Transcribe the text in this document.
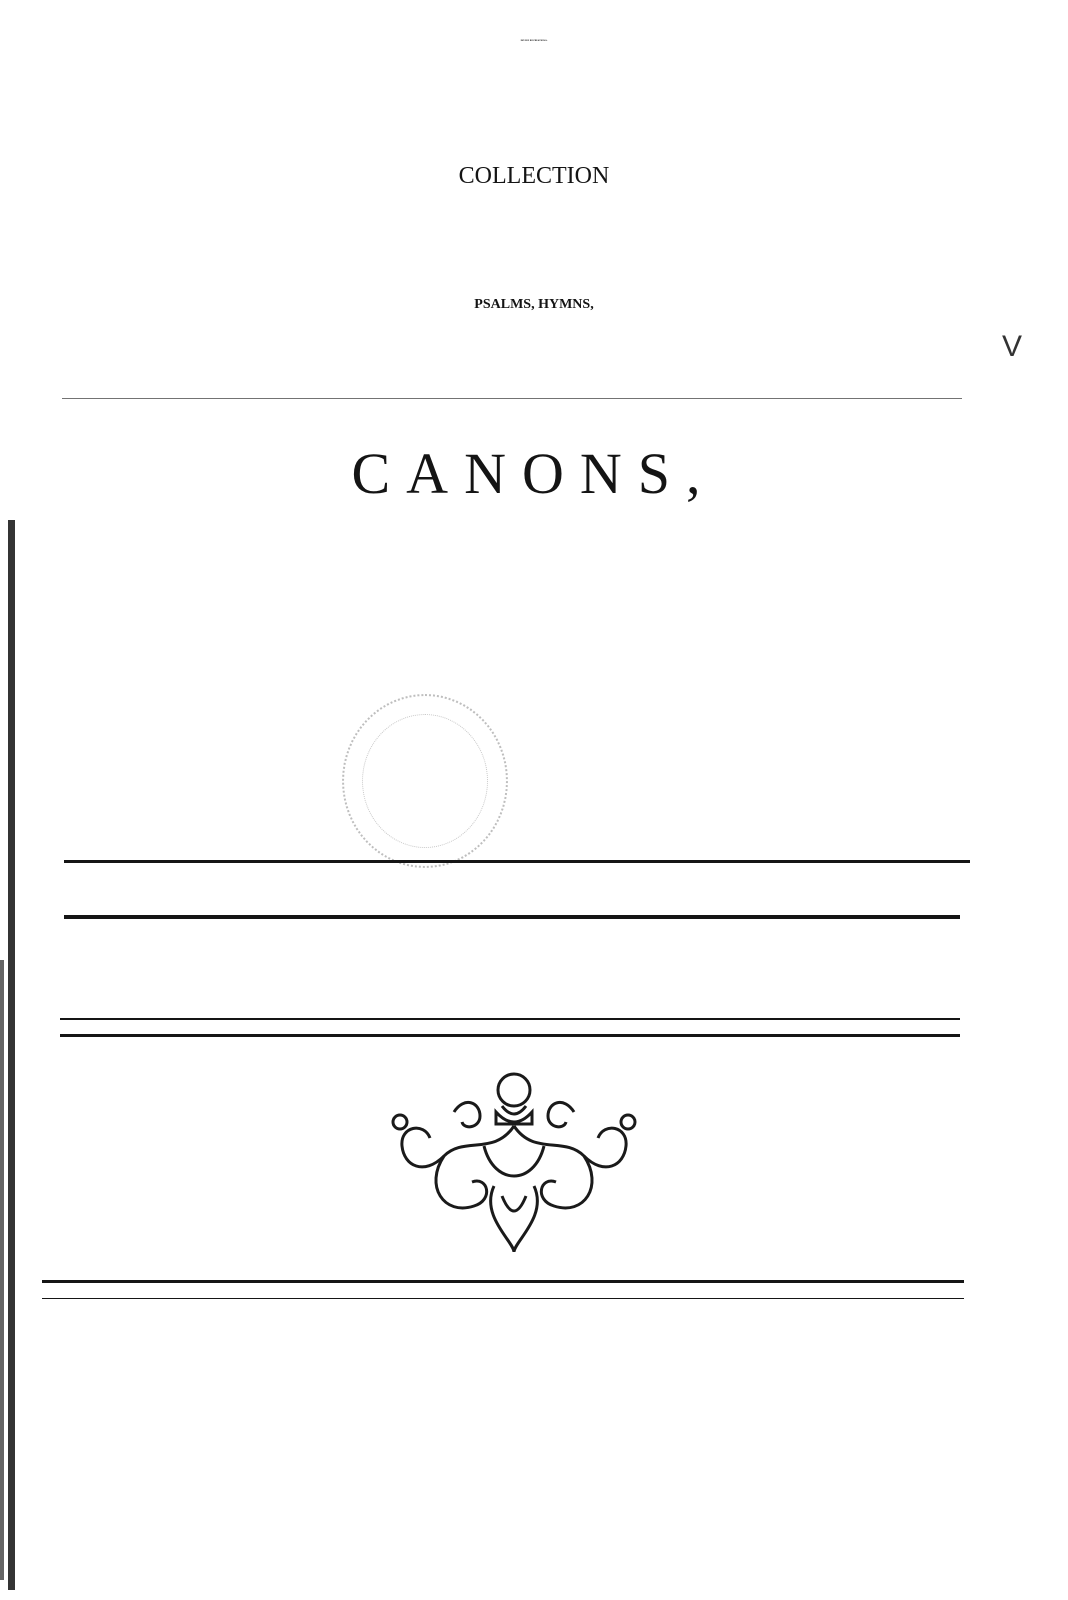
DIVINE RECREATIONS:
COLLECTION
PSALMS, HYMNS,
CANONS,
V
